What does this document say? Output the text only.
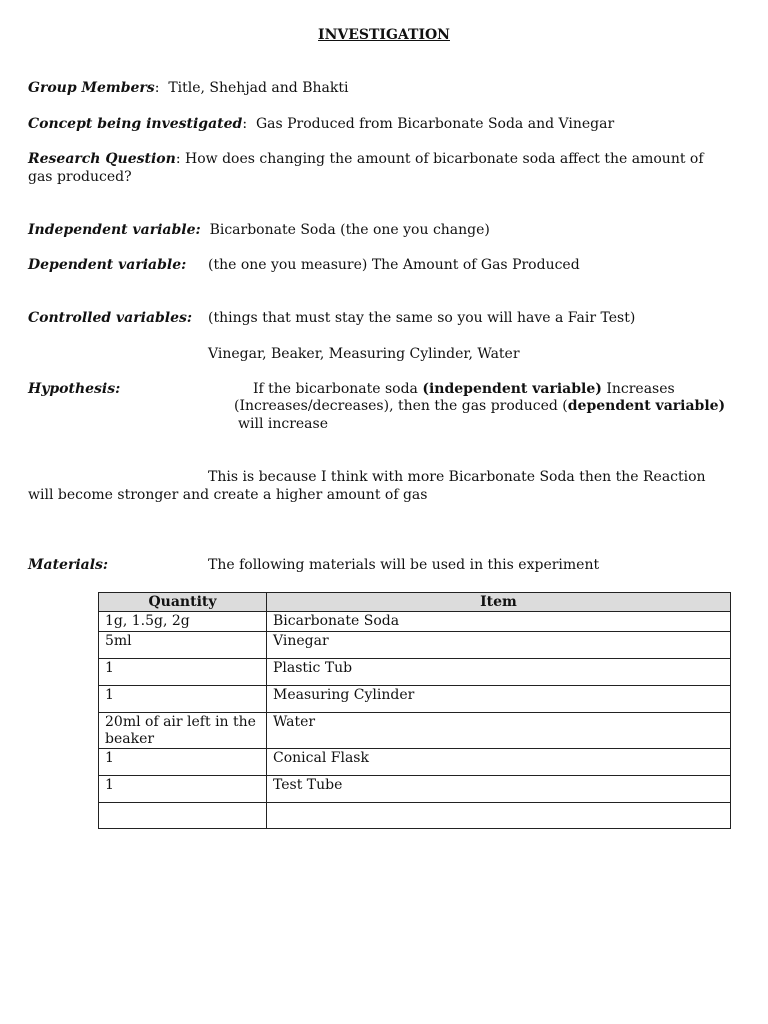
INVESTIGATION
Group Members:  Title, Shehjad and Bhakti
Concept being investigated:  Gas Produced from Bicarbonate Soda and Vinegar
Research Question: How does changing the amount of bicarbonate soda affect the amount of
gas produced?
Independent variable: Bicarbonate Soda (the one you change)
Dependent variable: (the one you measure) The Amount of Gas Produced
Controlled variables: (things that must stay the same so you will have a Fair Test)
Vinegar, Beaker, Measuring Cylinder, Water
Hypothesis:	If the bicarbonate soda (independent variable) Increases
(Increases/decreases), then the gas produced (dependent variable)
will increase
This is because I think with more Bicarbonate Soda then the Reaction
will become stronger and create a higher amount of gas
Materials:	The following materials will be used in this experiment
Quantity	Item
1g, 1.5g, 2g	Bicarbonate Soda
5ml	Vinegar
1	Plastic Tub
1	Measuring Cylinder
20ml of air left in the beaker	Water
1	Conical Flask
1	Test Tube
